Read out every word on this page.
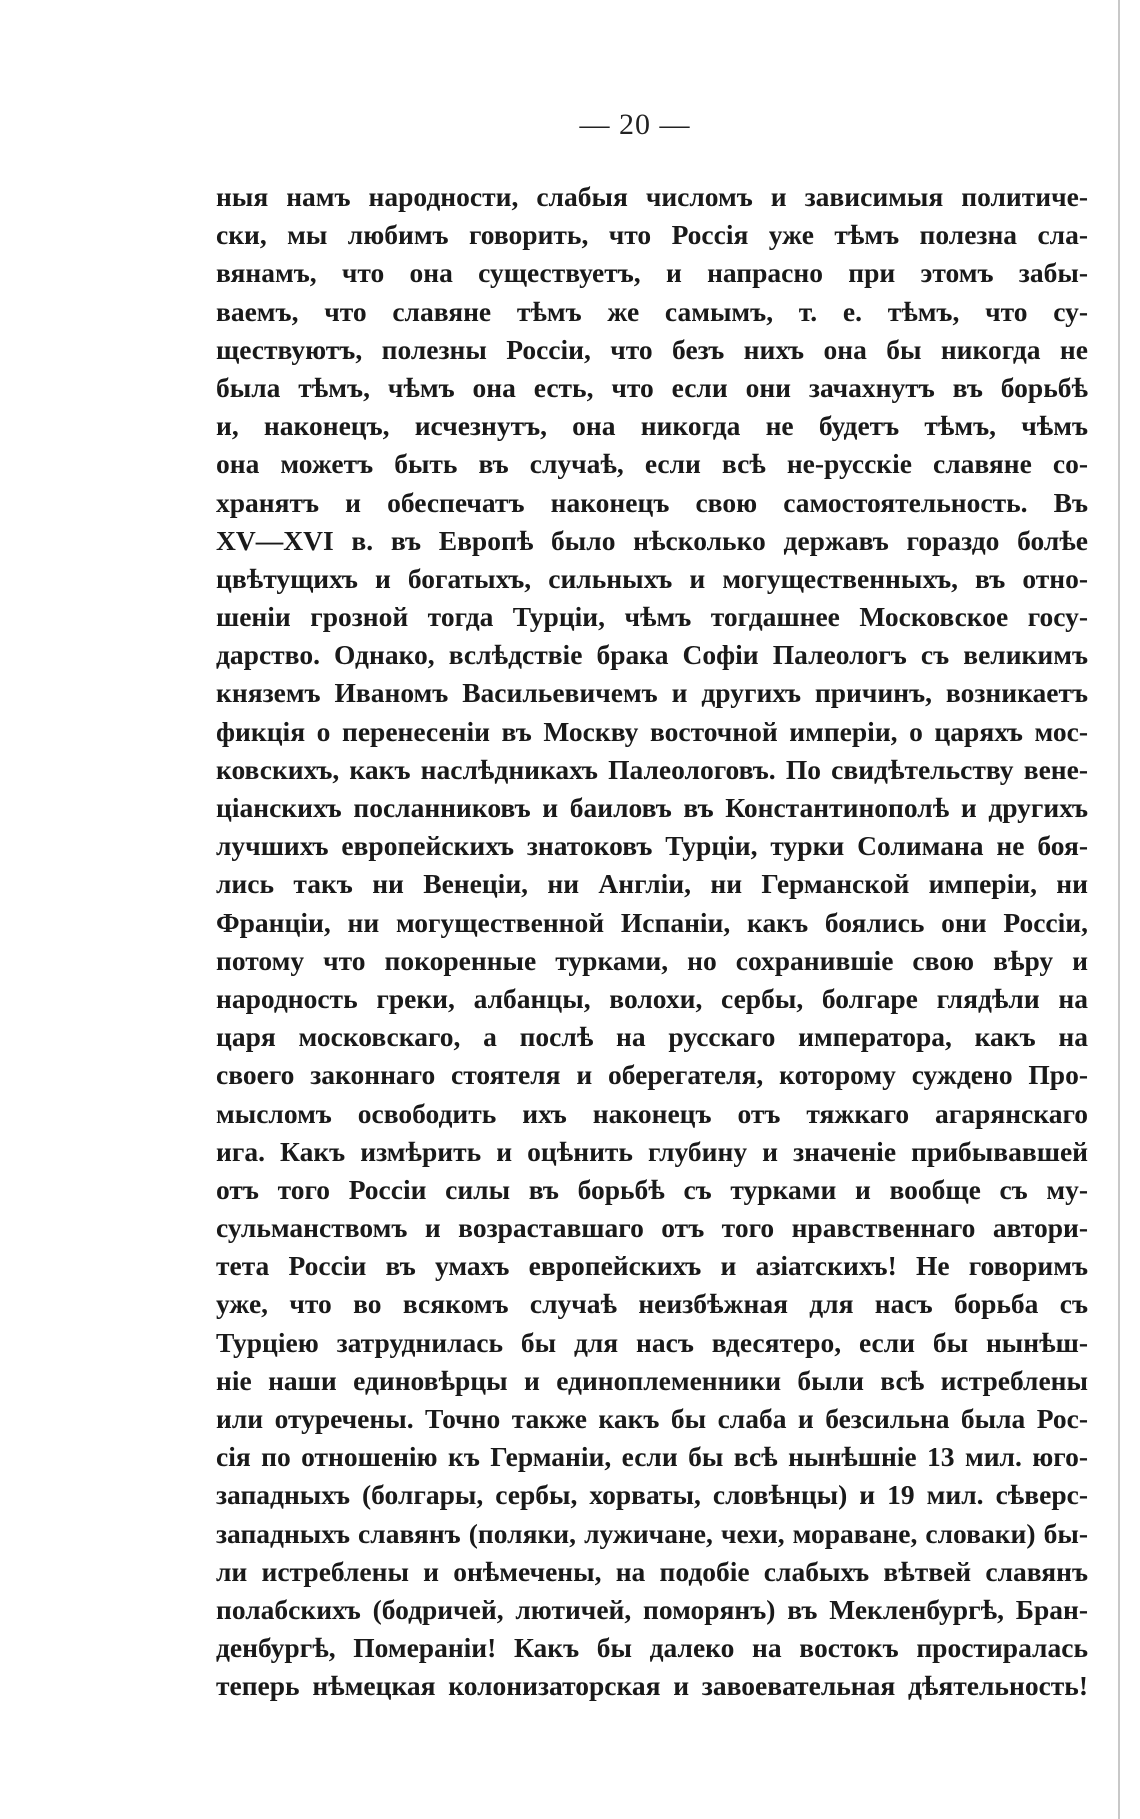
— 20 —
ныя намъ народности, слабыя числомъ и зависимыя политиче-
ски, мы любимъ говорить, что Россія уже тѣмъ полезна сла-
вянамъ, что она существуетъ, и напрасно при этомъ забы-
ваемъ, что славяне тѣмъ же самымъ, т. е. тѣмъ, что су-
ществуютъ, полезны Россіи, что безъ нихъ она бы никогда не
была тѣмъ, чѣмъ она есть, что если они зачахнутъ въ борьбѣ
и, наконецъ, исчезнутъ, она никогда не будетъ тѣмъ, чѣмъ
она можетъ быть въ случаѣ, если всѣ не-русскіе славяне со-
хранятъ и обеспечатъ наконецъ свою самостоятельность. Въ
XV—XVI в. въ Европѣ было нѣсколько державъ гораздо болѣе
цвѣтущихъ и богатыхъ, сильныхъ и могущественныхъ, въ отно-
шеніи грозной тогда Турціи, чѣмъ тогдашнее Московское госу-
дарство. Однако, вслѣдствіе брака Софіи Палеологъ съ великимъ
княземъ Иваномъ Васильевичемъ и другихъ причинъ, возникаетъ
фикція о перенесеніи въ Москву восточной имперіи, о царяхъ мос-
ковскихъ, какъ наслѣдникахъ Палеологовъ. По свидѣтельству вене-
ціанскихъ посланниковъ и баиловъ въ Константинополѣ и другихъ
лучшихъ европейскихъ знатоковъ Турціи, турки Солимана не боя-
лись такъ ни Венеціи, ни Англіи, ни Германской имперіи, ни
Франціи, ни могущественной Испаніи, какъ боялись они Россіи,
потому что покоренные турками, но сохранившіе свою вѣру и
народность греки, албанцы, волохи, сербы, болгаре глядѣли на
царя московскаго, а послѣ на русскаго императора, какъ на
своего законнаго стоятеля и оберегателя, которому суждено Про-
мысломъ освободить ихъ наконецъ отъ тяжкаго агарянскаго
ига. Какъ измѣрить и оцѣнить глубину и значеніе прибывавшей
отъ того Россіи силы въ борьбѣ съ турками и вообще съ му-
сульманствомъ и возраставшаго отъ того нравственнаго автори-
тета Россіи въ умахъ европейскихъ и азіатскихъ! Не говоримъ
уже, что во всякомъ случаѣ неизбѣжная для насъ борьба съ
Турціею затруднилась бы для насъ вдесятеро, если бы нынѣш-
ніе наши единовѣрцы и единоплеменники были всѣ истреблены
или отуречены. Точно также какъ бы слаба и безсильна была Рос-
сія по отношенію къ Германіи, если бы всѣ нынѣшніе 13 мил. юго-
западныхъ (болгары, сербы, хорваты, словѣнцы) и 19 мил. сѣверс-
западныхъ славянъ (поляки, лужичане, чехи, мораване, словаки) бы-
ли истреблены и онѣмечены, на подобіе слабыхъ вѣтвей славянъ
полабскихъ (бодричей, лютичей, поморянъ) въ Мекленбургѣ, Бран-
денбургѣ, Помераніи! Какъ бы далеко на востокъ простиралась
теперь нѣмецкая колонизаторская и завоевательная дѣятельность!
